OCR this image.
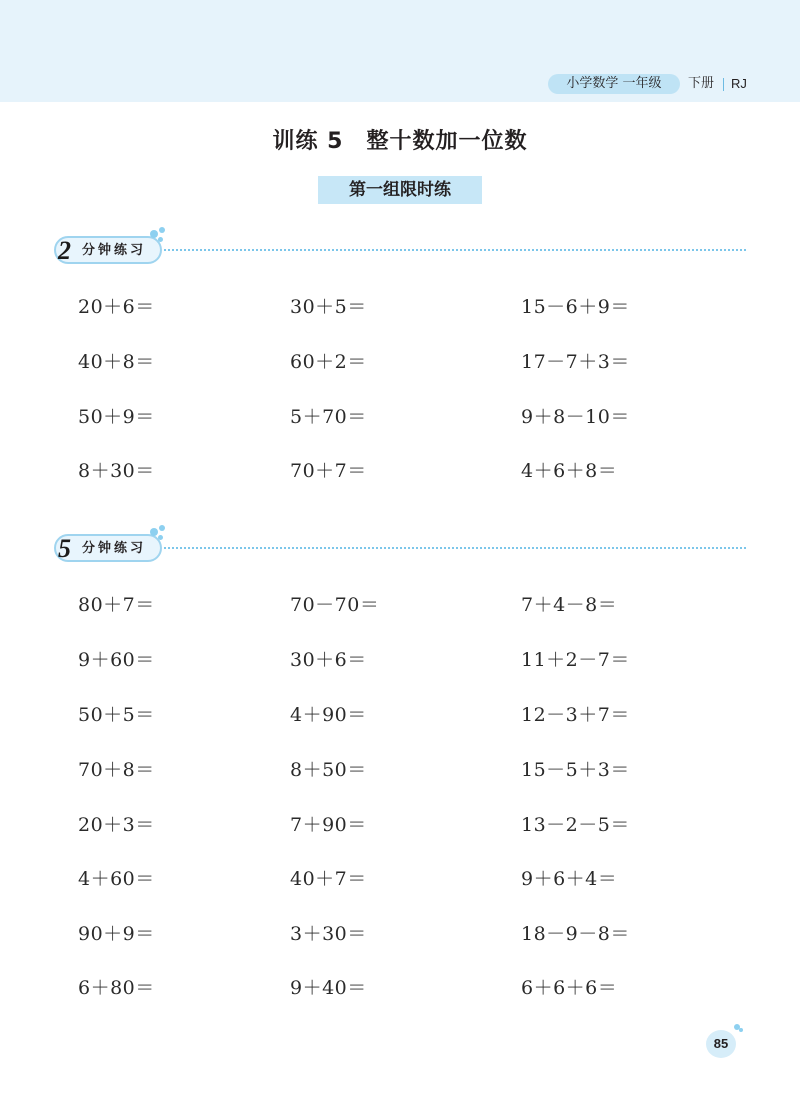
小学数学 一年级	下册 RJ
训练 5　整十数加一位数
第一组限时练
2 分钟练习
20＋6＝	30＋5＝	15－6＋9＝
40＋8＝	60＋2＝	17－7＋3＝
50＋9＝	5＋70＝	9＋8－10＝
8＋30＝	70＋7＝	4＋6＋8＝
5 分钟练习
80＋7＝	70－70＝	7＋4－8＝
9＋60＝	30＋6＝	11＋2－7＝
50＋5＝	4＋90＝	12－3＋7＝
70＋8＝	8＋50＝	15－5＋3＝
20＋3＝	7＋90＝	13－2－5＝
4＋60＝	40＋7＝	9＋6＋4＝
90＋9＝	3＋30＝	18－9－8＝
6＋80＝	9＋40＝	6＋6＋6＝
85
